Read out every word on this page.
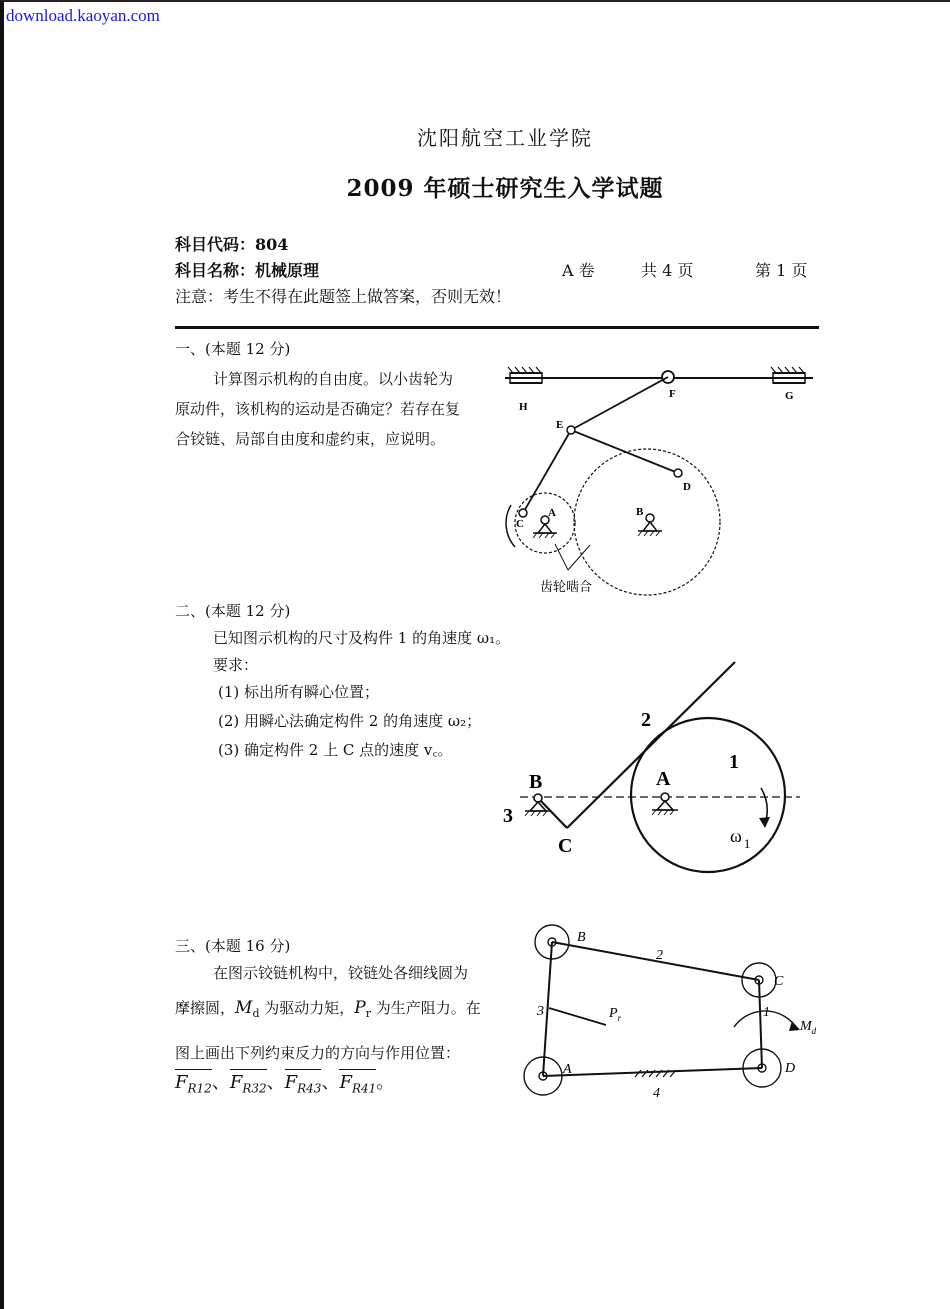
download.kaoyan.com
沈阳航空工业学院
2009 年硕士研究生入学试题
科目代码：804
科目名称：机械原理	A 卷	共 4 页	第 1 页
注意：考生不得在此题签上做答案，否则无效！
一、(本题 12 分)
计算图示机构的自由度。以小齿轮为
原动件，该机构的运动是否确定？若存在复
合铰链、局部自由度和虚约束，应说明。
H
F	G
E
D
C
A	B
齿轮啮合
二、(本题 12 分)
已知图示机构的尺寸及构件 1 的角速度 ω₁。
要求：
(1) 标出所有瞬心位置；
(2) 用瞬心法确定构件 2 的角速度 ω₂；
(3) 确定构件 2 上 C 点的速度 v꜀。
2
1
3
B	A
C	ω $_1$
三、(本题 16 分)
在图示铰链机构中，铰链处各细线圆为
摩擦圆，$M_d$ 为驱动力矩，$P_r$ 为生产阻力。在
图上画出下列约束反力的方向与作用位置：
$F_{R12}$、$F_{R32}$、$F_{R43}$、$F_{R41}$。
B
C
A	D
2
3	1
4
$P_r$
$M_d$
